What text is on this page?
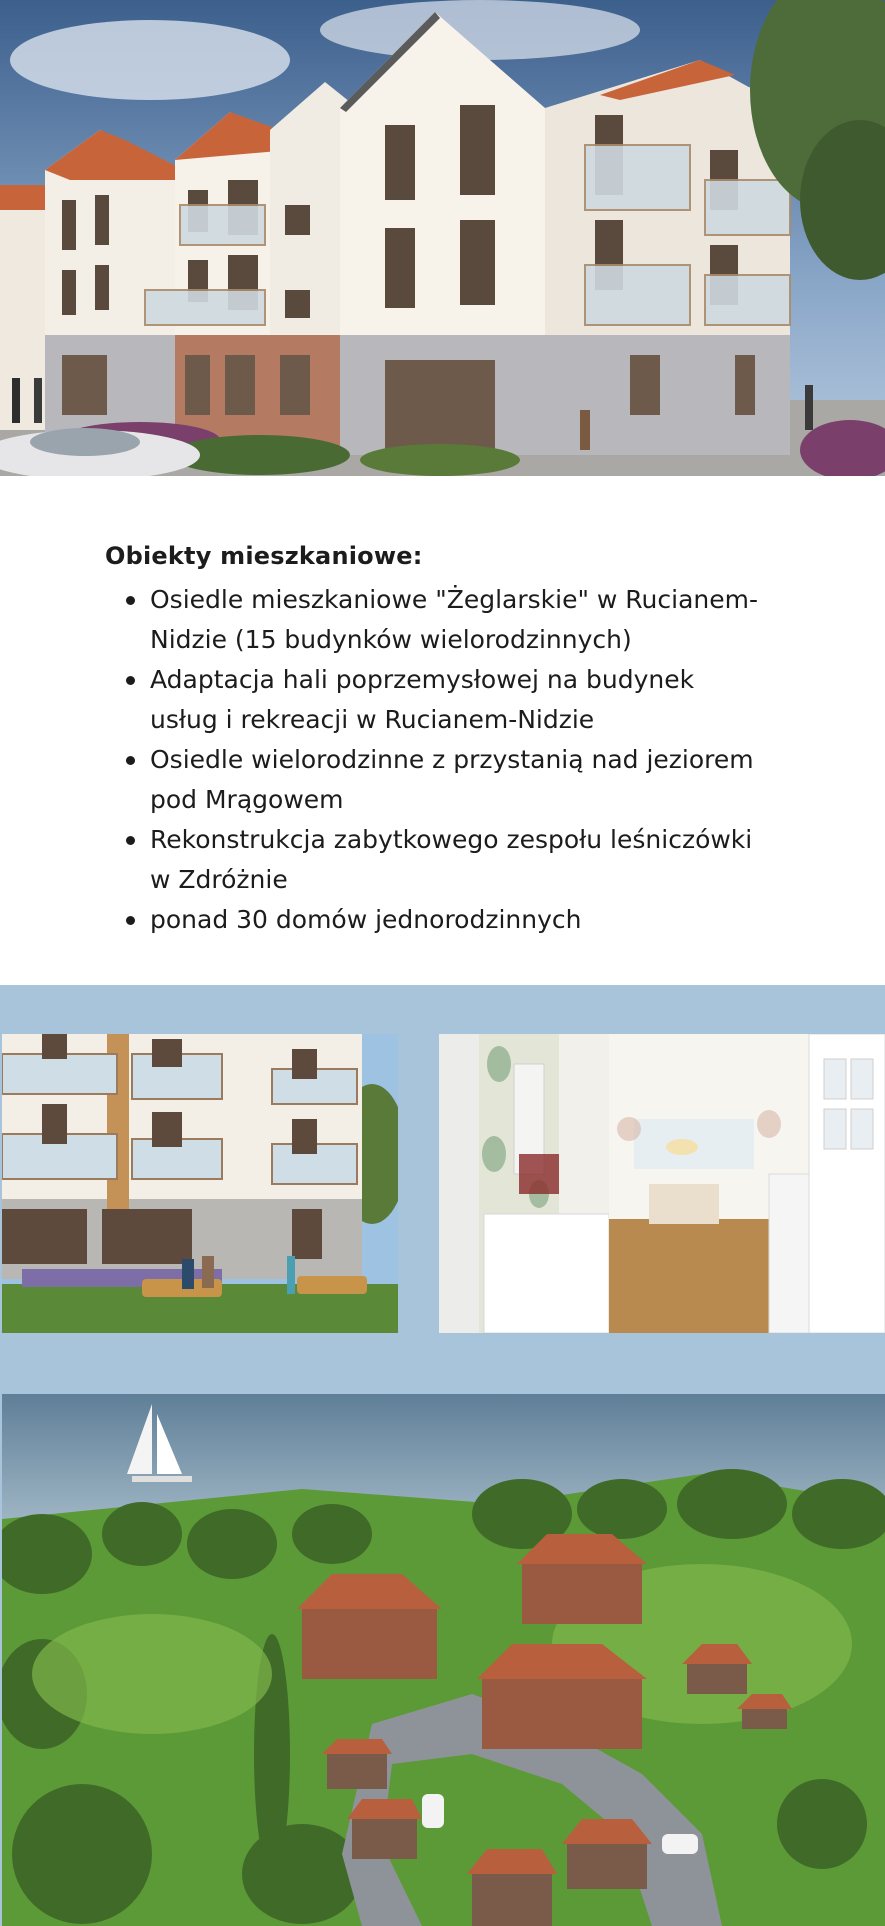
Obiekty mieszkaniowe:
Osiedle mieszkaniowe "Żeglarskie" w Rucianem-
Nidzie (15 budynków wielorodzinnych)
Adaptacja hali poprzemysłowej na budynek
usług i rekreacji w Rucianem-Nidzie
Osiedle wielorodzinne z przystanią nad jeziorem
pod Mrągowem
Rekonstrukcja zabytkowego zespołu leśniczówki
w Zdróżnie
ponad 30 domów jednorodzinnych
